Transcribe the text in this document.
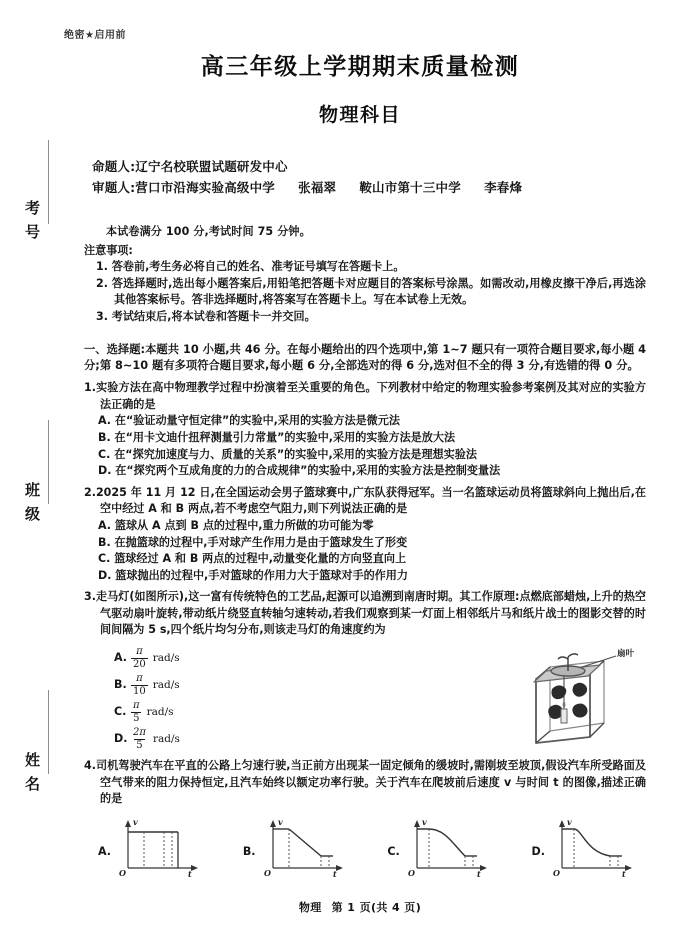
考号
班级
姓名
绝密★启用前
高三年级上学期期末质量检测
物理科目
命题人:辽宁名校联盟试题研发中心
审题人:营口市沿海实验高级中学 张福翠 鞍山市第十三中学 李春烽
本试卷满分 100 分,考试时间 75 分钟。
注意事项:
1. 答卷前,考生务必将自己的姓名、准考证号填写在答题卡上。
2. 答选择题时,选出每小题答案后,用铅笔把答题卡对应题目的答案标号涂黑。如需改动,用橡皮擦干净后,再选涂其他答案标号。答非选择题时,将答案写在答题卡上。写在本试卷上无效。
3. 考试结束后,将本试卷和答题卡一并交回。
一、选择题:本题共 10 小题,共 46 分。在每小题给出的四个选项中,第 1~7 题只有一项符合题目要求,每小题 4 分;第 8~10 题有多项符合题目要求,每小题 6 分,全部选对的得 6 分,选对但不全的得 3 分,有选错的得 0 分。
1.实验方法在高中物理教学过程中扮演着至关重要的角色。下列教材中给定的物理实验参考案例及其对应的实验方法正确的是
A. 在“验证动量守恒定律”的实验中,采用的实验方法是微元法
B. 在“用卡文迪什扭秤测量引力常量”的实验中,采用的实验方法是放大法
C. 在“探究加速度与力、质量的关系”的实验中,采用的实验方法是理想实验法
D. 在“探究两个互成角度的力的合成规律”的实验中,采用的实验方法是控制变量法
2.2025 年 11 月 12 日,在全国运动会男子篮球赛中,广东队获得冠军。当一名篮球运动员将篮球斜向上抛出后,在空中经过 A 和 B 两点,若不考虑空气阻力,则下列说法正确的是
A. 篮球从 A 点到 B 点的过程中,重力所做的功可能为零
B. 在抛篮球的过程中,手对球产生作用力是由于篮球发生了形变
C. 篮球经过 A 和 B 两点的过程中,动量变化量的方向竖直向上
D. 篮球抛出的过程中,手对篮球的作用力大于篮球对手的作用力
3.走马灯(如图所示),这一富有传统特色的工艺品,起源可以追溯到南唐时期。其工作原理:点燃底部蜡烛,上升的热空气驱动扇叶旋转,带动纸片绕竖直转轴匀速转动,若我们观察到某一灯面上相邻纸片马和纸片战士的图影交替的时间间隔为 5 s,四个纸片均匀分布,则该走马灯的角速度约为
A. $\frac{\pi}{20} rad/s$
B. $\frac{\pi}{10} rad/s$
C. $\frac{\pi}{5} rad/s$
D. $\frac{2\pi}{5} rad/s$
扇叶
4.司机驾驶汽车在平直的公路上匀速行驶,当正前方出现某一固定倾角的缓坡时,需刚坡至坡顶,假设汽车所受路面及空气带来的阻力保持恒定,且汽车始终以额定功率行驶。关于汽车在爬坡前后速度 v 与时间 t 的图像,描述正确的是
A.
v
t
O
B.
v
t
O
C.
v
t
O
D.
v
t
O
物理 第 1 页(共 4 页)
